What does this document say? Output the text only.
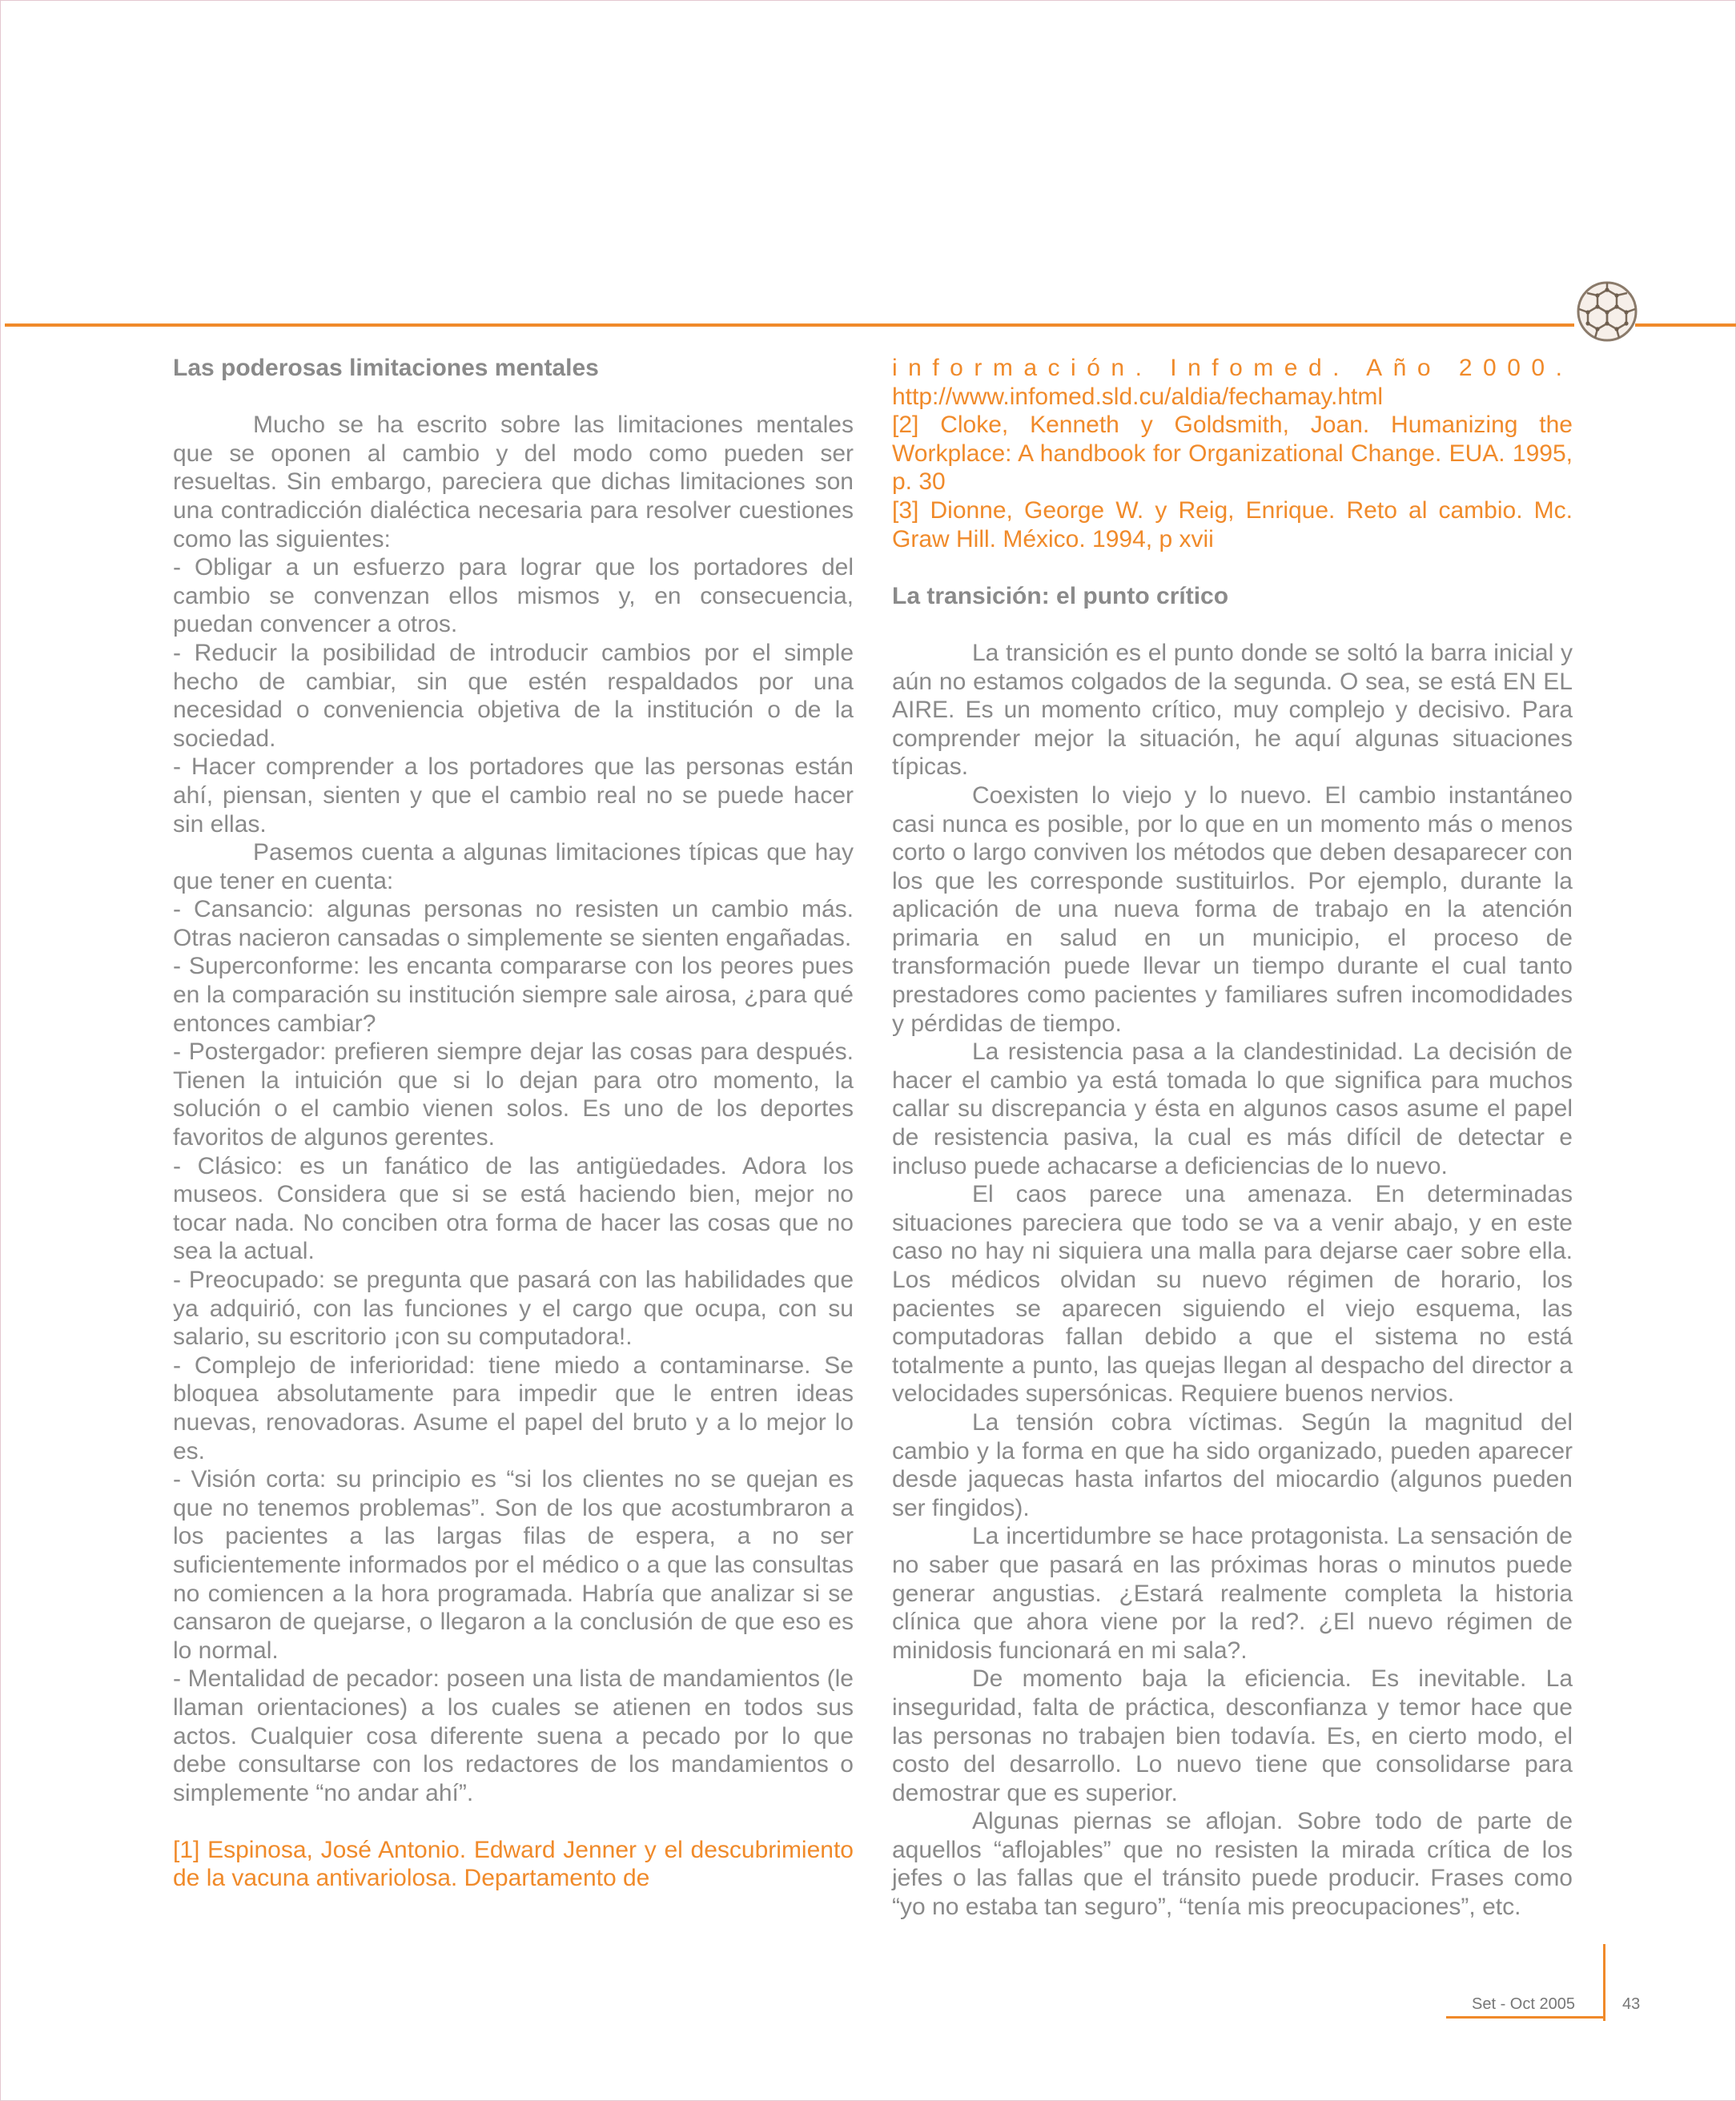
Las poderosas limitaciones mentales

Mucho se ha escrito sobre las limitaciones mentales que se oponen al cambio y del modo como pueden ser resueltas. Sin embargo, pareciera que dichas limitaciones son una contradicción dialéctica necesaria para resolver cuestiones como las siguientes:

- Obligar a un esfuerzo para lograr que los portadores del cambio se convenzan ellos mismos y, en consecuencia, puedan convencer a otros.

- Reducir la posibilidad de introducir cambios por el simple hecho de cambiar, sin que estén respaldados por una necesidad o conveniencia objetiva de la institución o de la sociedad.

- Hacer comprender a los portadores que las personas están ahí, piensan, sienten y que el cambio real no se puede hacer sin ellas.

Pasemos cuenta a algunas limitaciones típicas que hay que tener en cuenta:

- Cansancio: algunas personas no resisten un cambio más. Otras nacieron cansadas o simplemente se sienten engañadas.

- Superconforme: les encanta compararse con los peores pues en la comparación su institución siempre sale airosa, ¿para qué entonces cambiar?

- Postergador: prefieren siempre dejar las cosas para después. Tienen la intuición que si lo dejan para otro momento, la solución o el cambio vienen solos. Es uno de los deportes favoritos de algunos gerentes.

- Clásico: es un fanático de las antigüedades. Adora los museos. Considera que si se está haciendo bien, mejor no tocar nada. No conciben otra forma de hacer las cosas que no sea la actual.

- Preocupado: se pregunta que pasará con las habilidades que ya adquirió, con las funciones y el cargo que ocupa, con su salario, su escritorio ¡con su computadora!.

- Complejo de inferioridad: tiene miedo a contaminarse. Se bloquea absolutamente para impedir que le entren ideas nuevas, renovadoras. Asume el papel del bruto y a lo mejor lo es.

- Visión corta: su principio es “si los clientes no se quejan es que no tenemos problemas”. Son de los que acostumbraron a los pacientes a las largas filas de espera, a no ser suficientemente informados por el médico o a que las consultas no comiencen a la hora programada. Habría que analizar si se cansaron de quejarse, o llegaron a la conclusión de que eso es lo normal.

- Mentalidad de pecador: poseen una lista de mandamientos (le llaman orientaciones) a los cuales se atienen en todos sus actos. Cualquier cosa diferente suena a pecado por lo que debe consultarse con los redactores de los mandamientos o simplemente “no andar ahí”.

[1] Espinosa, José Antonio. Edward Jenner y el descubrimiento de la vacuna antivariolosa. Departamento de

información. Infomed. Año 2000.

http://www.infomed.sld.cu/aldia/fechamay.html

[2] Cloke, Kenneth y Goldsmith, Joan. Humanizing the Workplace: A handbook for Organizational Change. EUA. 1995, p. 30

[3] Dionne, George W. y Reig, Enrique. Reto al cambio. Mc. Graw Hill. México. 1994, p xvii

La transición: el punto crítico

La transición es el punto donde se soltó la barra inicial y aún no estamos colgados de la segunda. O sea, se está EN EL AIRE. Es un momento crítico, muy complejo y decisivo. Para comprender mejor la situación, he aquí algunas situaciones típicas.

Coexisten lo viejo y lo nuevo. El cambio instantáneo casi nunca es posible, por lo que en un momento más o menos corto o largo conviven los métodos que deben desaparecer con los que les corresponde sustituirlos. Por ejemplo, durante la aplicación de una nueva forma de trabajo en la atención primaria en salud en un municipio, el proceso de transformación puede llevar un tiempo durante el cual tanto prestadores como pacientes y familiares sufren incomodidades y pérdidas de tiempo.

La resistencia pasa a la clandestinidad. La decisión de hacer el cambio ya está tomada lo que significa para muchos callar su discrepancia y ésta en algunos casos asume el papel de resistencia pasiva, la cual es más difícil de detectar e incluso puede achacarse a deficiencias de lo nuevo.

El caos parece una amenaza. En determinadas situaciones pareciera que todo se va a venir abajo, y en este caso no hay ni siquiera una malla para dejarse caer sobre ella. Los médicos olvidan su nuevo régimen de horario, los pacientes se aparecen siguiendo el viejo esquema, las computadoras fallan debido a que el sistema no está totalmente a punto, las quejas llegan al despacho del director a velocidades supersónicas. Requiere buenos nervios.

La tensión cobra víctimas. Según la magnitud del cambio y la forma en que ha sido organizado, pueden aparecer desde jaquecas hasta infartos del miocardio (algunos pueden ser fingidos).

La incertidumbre se hace protagonista. La sensación de no saber que pasará en las próximas horas o minutos puede generar angustias. ¿Estará realmente completa la historia clínica que ahora viene por la red?. ¿El nuevo régimen de minidosis funcionará en mi sala?.

De momento baja la eficiencia. Es inevitable. La inseguridad, falta de práctica, desconfianza y temor hace que las personas no trabajen bien todavía. Es, en cierto modo, el costo del desarrollo. Lo nuevo tiene que consolidarse para demostrar que es superior.

Algunas piernas se aflojan. Sobre todo de parte de aquellos “aflojables” que no resisten la mirada crítica de los jefes o las fallas que el tránsito puede producir. Frases como “yo no estaba tan seguro”, “tenía mis preocupaciones”, etc.

Set - Oct 2005	43
